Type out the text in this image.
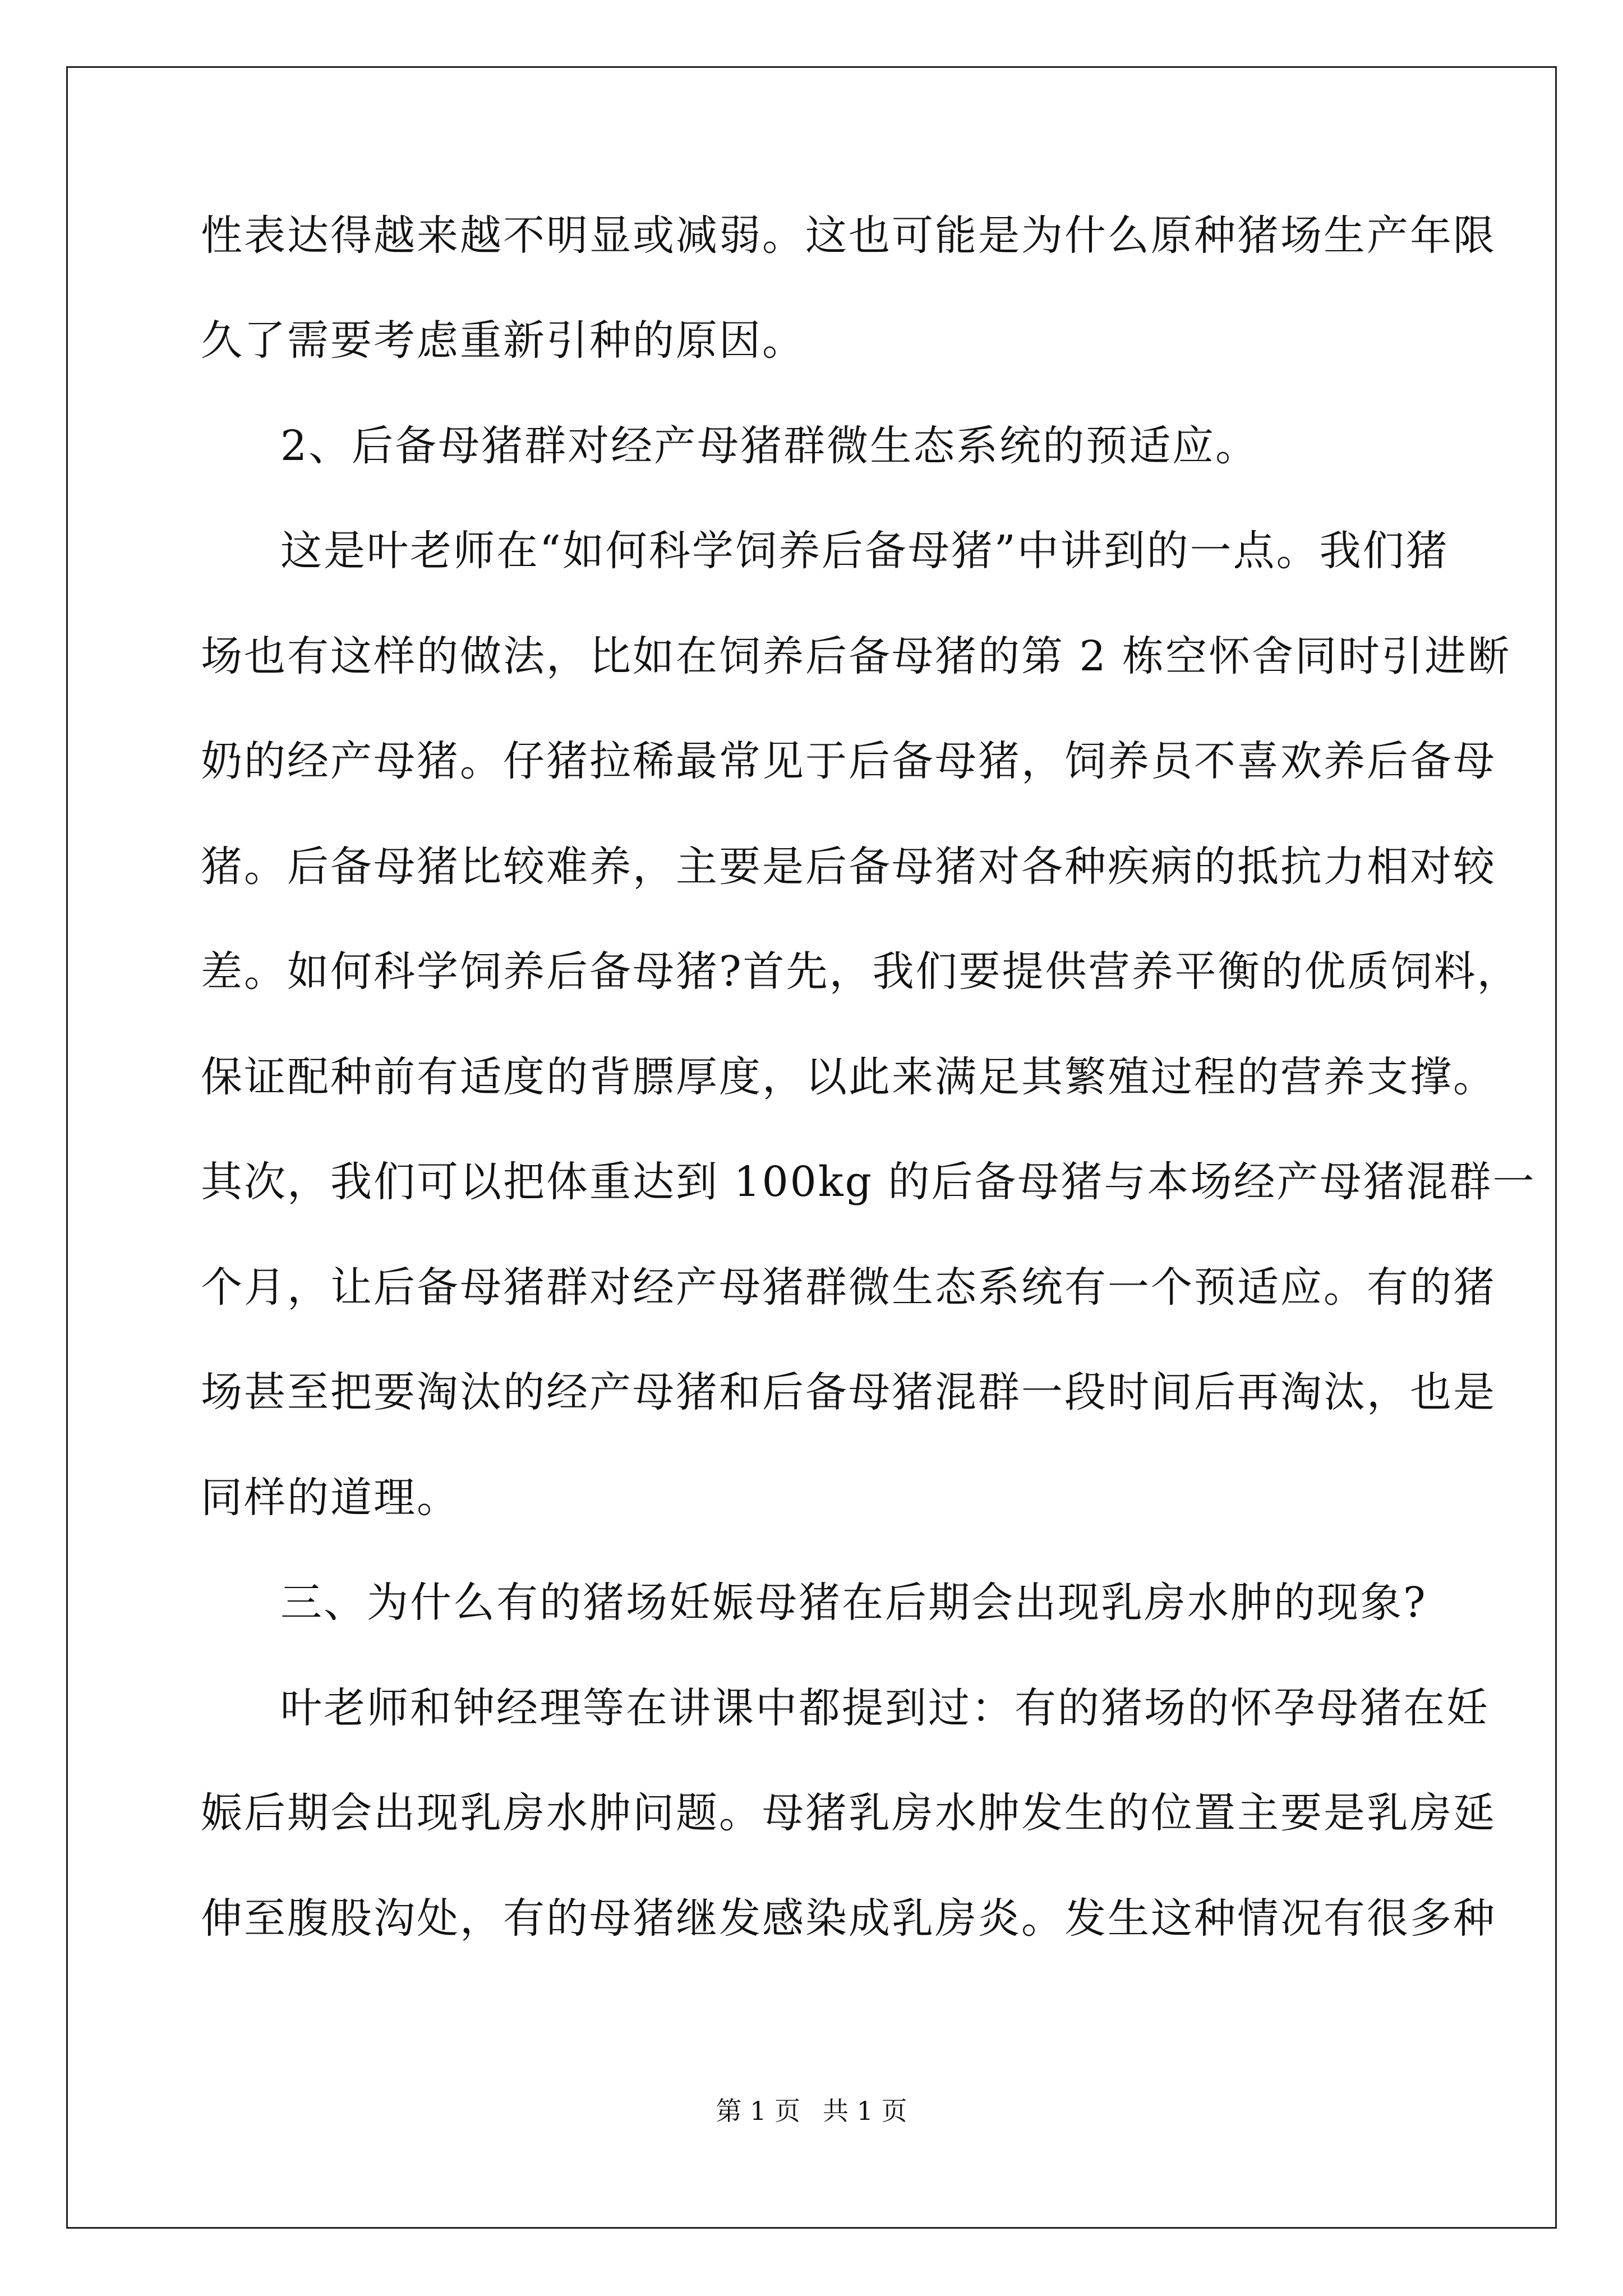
性表达得越来越不明显或减弱。这也可能是为什么原种猪场生产年限
久了需要考虑重新引种的原因。
2、后备母猪群对经产母猪群微生态系统的预适应。
这是叶老师在“如何科学饲养后备母猪”中讲到的一点。我们猪
场也有这样的做法，比如在饲养后备母猪的第 2 栋空怀舍同时引进断
奶的经产母猪。仔猪拉稀最常见于后备母猪，饲养员不喜欢养后备母
猪。后备母猪比较难养，主要是后备母猪对各种疾病的抵抗力相对较
差。如何科学饲养后备母猪?首先，我们要提供营养平衡的优质饲料，
保证配种前有适度的背膘厚度，以此来满足其繁殖过程的营养支撑。
其次，我们可以把体重达到 100kg 的后备母猪与本场经产母猪混群一
个月，让后备母猪群对经产母猪群微生态系统有一个预适应。有的猪
场甚至把要淘汰的经产母猪和后备母猪混群一段时间后再淘汰，也是
同样的道理。
三、为什么有的猪场妊娠母猪在后期会出现乳房水肿的现象?
叶老师和钟经理等在讲课中都提到过：有的猪场的怀孕母猪在妊
娠后期会出现乳房水肿问题。母猪乳房水肿发生的位置主要是乳房延
伸至腹股沟处，有的母猪继发感染成乳房炎。发生这种情况有很多种
第 1 页 共 1 页
